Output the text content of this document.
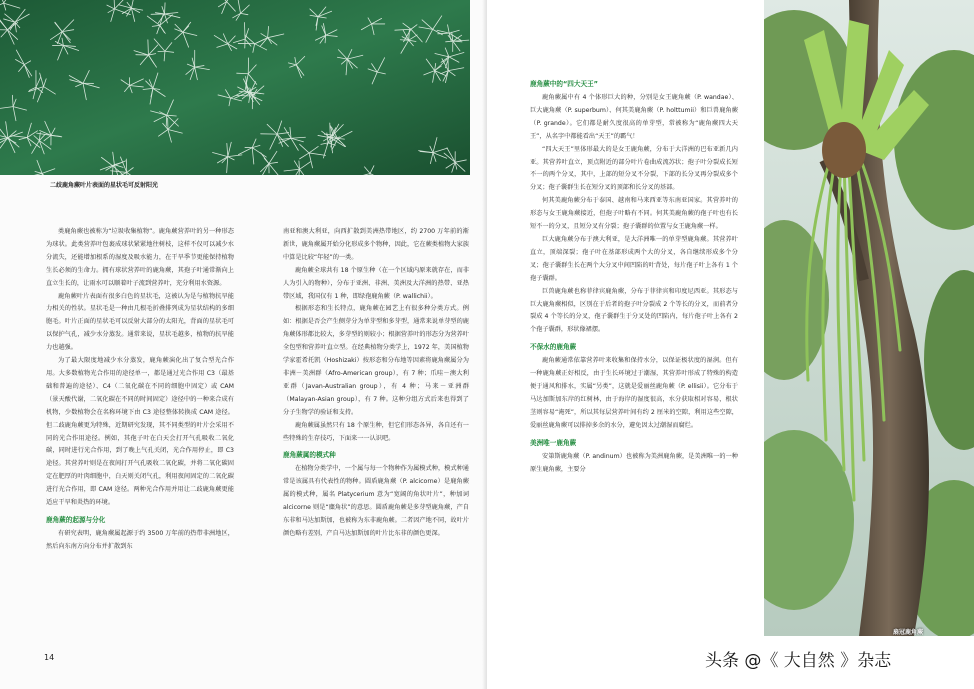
二歧鹿角蕨叶片表面的星状毛可反射阳光

类鹿角蕨也被称为“垃圾收集植物”。鹿角蕨营养叶的另一种形态为球状。此类营养叶包裹成球状紧紧地往树枝，这样不仅可以减少水分流失，还能增加根系的湿度及吸水能力，在干旱季节更能保持植物生长必须的生命力。拥有球状营养叶的鹿角蕨，其孢子叶通常渐向上直立生长的，让雨水可以顺着叶子流到营养叶，充分利用水资源。

鹿角蕨叶片表面有很多白色的星状毛，这被认为是与植物抗旱能力相关的性状。星状毛是一种由几根毛折叠排列成为星状结构的多细胞毛。叶片正面的星状毛可以反射大部分的太阳光，背面的星状毛可以保护气孔，减少水分蒸发。通常来说，星状毛越多，植物的抗旱能力也越强。

为了最大限度地减少水分蒸发，鹿角蕨演化出了复合型光合作用。大多数植物光合作用的途径单一，都是通过光合作用 C3（最基础和普遍的途径）、C4（二氧化碳在不同的细胞中固定）或 CAM（景天酸代谢，二氧化碳在不同的时间固定）途径中的一种来合成有机物，少数植物会在名称环境下由 C3 途径整体转换成 CAM 途径。但二歧鹿角蕨更为特殊，近期研究发现，其不同类型的叶片会采用不同的光合作用途径。例如，其孢子叶在白天会打开气孔吸收二氧化碳，同时进行光合作用，到了晚上气孔关闭，光合作用停止，即 C3 途径。其营养叶则是在夜间打开气孔吸收二氧化碳，并将二氧化碳固定在肥厚的叶肉细胞中，白天则关闭气孔，利用夜间固定的二氧化碳进行光合作用，即 CAM 途径。两种光合作用并用让二歧鹿角蕨更能适应干旱和炎热的环境。

鹿角蕨的起源与分化

有研究表明，鹿角蕨属起源于约 3500 万年前的热带非洲地区，然后向东南方向分布并扩散到东

南亚和澳大利亚，向西扩散到美洲热带地区，约 2700 万年前的渐新世，鹿角蕨属开始分化形成多个物种，因此，它在蕨类植物大家族中算是比较“年轻”的一类。

鹿角蕨全球共有 18 个原生种（在一个区域内原来就存在，而非人为引入的物种），分布于亚洲、非洲、美洲及大洋洲的热带、亚热带区域，我国仅有 1 种，即绿孢鹿角蕨（P. wallichii）。

根据形态和生长特点，鹿角蕨在园艺上有很多种分类方式。例如：根据是否会产生侧芽分为单芽型和多芽型，通常来说单芽型的鹿角蕨体形都比较大，多芽型的则较小；根据营养叶的形态分为营养叶全包型和营养叶直立型。在经典植物分类学上，1972 年，美国植物学家霍希托凯（Hoshizaki）按形态和分布地等因素将鹿角蕨属分为非洲－美洲群（Afro-American group），有 7 种；爪哇－澳大利亚群（Javan-Australian group），有 4 种；马来－亚洲群（Malayan-Asian group），有 7 种。这种分组方式后来也得到了分子生物学的验证和支持。

鹿角蕨属虽然只有 18 个原生种，但它们形态各异，各自还有一些特殊的生存技巧，下面来一一认识吧。

鹿角蕨属的模式种

在植物分类学中，一个属与每一个物种作为属模式种，模式种通常是该属具有代表性的物种。圆盾鹿角蕨（P. alcicorne）是鹿角蕨属的模式种，属名 Platycerium 意为“宽阔的角状叶片”，种加词 alcicorne 则是“麋角状”的意思。圆盾鹿角蕨是多芽型鹿角蕨，产自东非和马达加斯加，也被称为东非鹿角蕨。二者因产地不同，故叶片颜色略有差别，产自马达加斯加的叶片比东非的颜色更深。

14
鹿角蕨中的“四大天王”

鹿角蕨属中有 4 个体形巨大的种，分别是女王鹿角蕨（P. wandae）、巨大鹿角蕨（P. superbum）、何其美鹿角蕨（P. holttumii）和巨兽鹿角蕨（P. grande）。它们都是耐久度很高的单芽型，常被称为“鹿角蕨四大天王”，从名字中都能看出“天王”的霸气！

“四大天王”里体形最大的是女王鹿角蕨，分布于大洋洲的巴布亚新几内亚。其营养叶直立，顶点附近的部分叶片卷曲成流苏状；孢子叶分裂成长短不一的两个分叉，其中，上部的短分叉不分裂，下部的长分叉再分裂成多个分叉；孢子囊群生长在短分叉的顶部和长分叉的基部。

何其美鹿角蕨分布于泰国、越南和马来西亚等东南亚国家。其营养叶的形态与女王鹿角蕨接近，但孢子叶略有不同。何其美鹿角蕨的孢子叶也有长短不一的分叉，且短分叉有分裂；孢子囊群的位置与女王鹿角蕨一样。

巨大鹿角蕨分布于澳大利亚，是大洋洲唯一的单芽型鹿角蕨。其营养叶直立，顶端深裂；孢子叶在基部形成两个大的分叉，各自继续形成多个分叉；孢子囊群生长在两个大分叉中间凹陷的叶背处，每片孢子叶上各有 1 个孢子囊群。

巨兽鹿角蕨也称菲律宾鹿角蕨，分布于菲律宾和印度尼西亚。其形态与巨大鹿角蕨相似，区别在于后者的孢子叶分裂成 2 个等长的分叉，而前者分裂成 4 个等长的分叉，孢子囊群生于分叉处的凹陷内，每片孢子叶上各有 2 个孢子囊群，形状像裙摆。

不保水的鹿角蕨

鹿角蕨通常依靠营养叶来收集和保持水分，以保证极状度的湿润。但有一种鹿角蕨正好相反，由于生长环境过于潮湿，其营养叶形成了特殊的构造便于通风和排水，实属“另类”，这就是爱丽丝鹿角蕨（P. ellisii）。它分布于马达加斯加东岸的红树林，由于海岸的湿度很高，水分获取相对容易，根状茎则容易“淹死”，所以其每层营养叶间有约 2 厘米的空隙，利用这些空隙，爱丽丝鹿角蕨可以排掉多余的水分，避免因太过潮湿而腐烂。

美洲唯一鹿角蕨

安第斯鹿角蕨（P. andinum）也被称为美洲鹿角蕨，是美洲唯一的一种原生鹿角蕨，主要分

扇冠鹿角蕨
头条 @《 大自然 》杂志
